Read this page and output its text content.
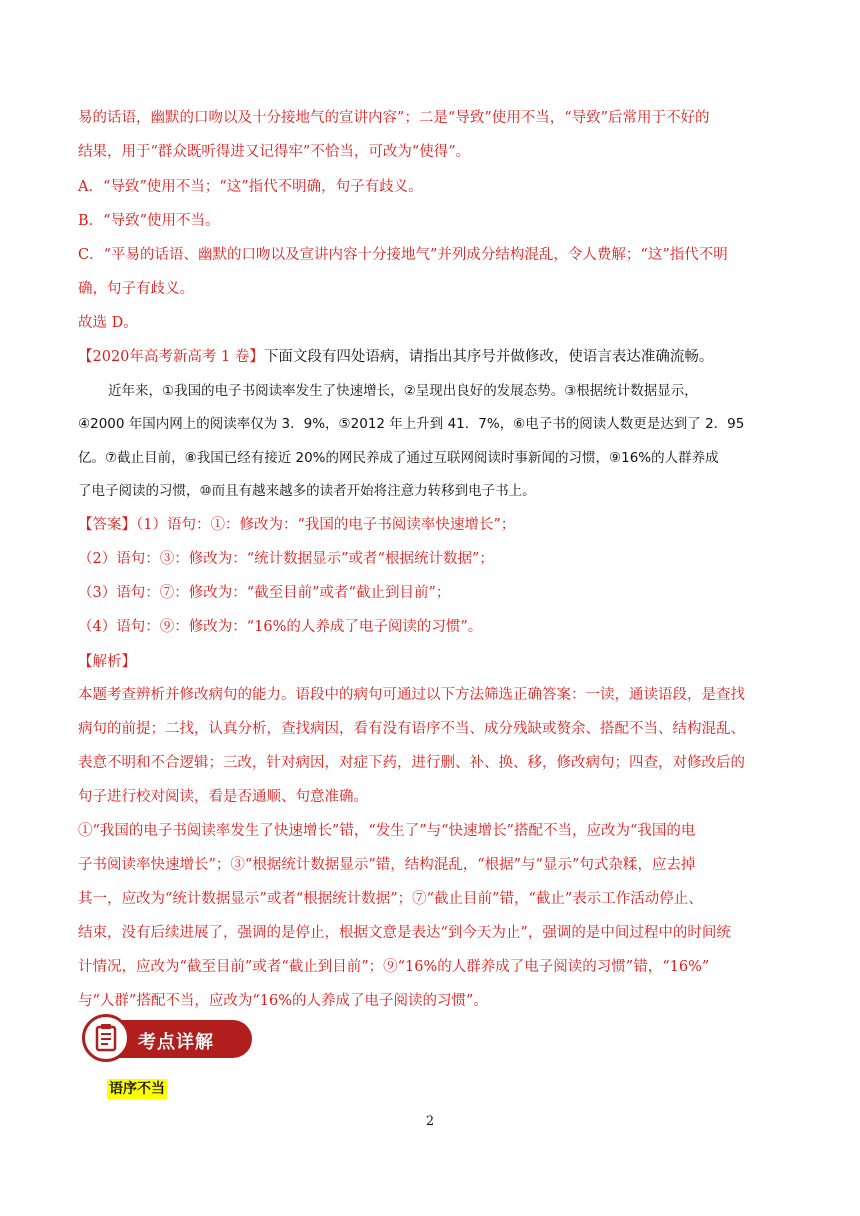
易的话语，幽默的口吻以及十分接地气的宣讲内容”；二是“导致”使用不当，“导致”后常用于不好的
结果，用于“群众既听得进又记得牢”不恰当，可改为“使得”。
A．“导致”使用不当；“这”指代不明确，句子有歧义。
B．“导致”使用不当。
C．“平易的话语、幽默的口吻以及宣讲内容十分接地气”并列成分结构混乱，令人费解；“这”指代不明
确，句子有歧义。
故选 D。
【2020年高考新高考 1 卷】下面文段有四处语病，请指出其序号并做修改，使语言表达准确流畅。
近年来，①我国的电子书阅读率发生了快速增长，②呈现出良好的发展态势。③根据统计数据显示，
④2000 年国内网上的阅读率仅为 3．9%，⑤2012 年上升到 41．7%，⑥电子书的阅读人数更是达到了 2．95
亿。⑦截止目前，⑧我国已经有接近 20%的网民养成了通过互联网阅读时事新闻的习惯，⑨16%的人群养成
了电子阅读的习惯，⑩而且有越来越多的读者开始将注意力转移到电子书上。
【答案】（1）语句：①：修改为：“我国的电子书阅读率快速增长”；
（2）语句：③：修改为：“统计数据显示”或者“根据统计数据”；
（3）语句：⑦：修改为：“截至目前”或者“截止到目前”；
（4）语句：⑨：修改为：“16%的人养成了电子阅读的习惯”。
【解析】
本题考查辨析并修改病句的能力。语段中的病句可通过以下方法筛选正确答案：一读，通读语段，是查找
病句的前提；二找，认真分析，查找病因，看有没有语序不当、成分残缺或赘余、搭配不当、结构混乱、
表意不明和不合逻辑；三改，针对病因，对症下药，进行删、补、换、移，修改病句；四查，对修改后的
句子进行校对阅读，看是否通顺、句意准确。
①“我国的电子书阅读率发生了快速增长”错，“发生了”与“快速增长”搭配不当，应改为“我国的电
子书阅读率快速增长”；③“根据统计数据显示”错，结构混乱，“根据”与“显示”句式杂糅，应去掉
其一，应改为“统计数据显示”或者“根据统计数据”；⑦“截止目前”错，“截止”表示工作活动停止、
结束，没有后续进展了，强调的是停止，根据文意是表达“到今天为止”，强调的是中间过程中的时间统
计情况，应改为“截至目前”或者“截止到目前”；⑨“16%的人群养成了电子阅读的习惯”错，“16%”
与“人群”搭配不当，应改为“16%的人养成了电子阅读的习惯”。
考点详解
语序不当
2
